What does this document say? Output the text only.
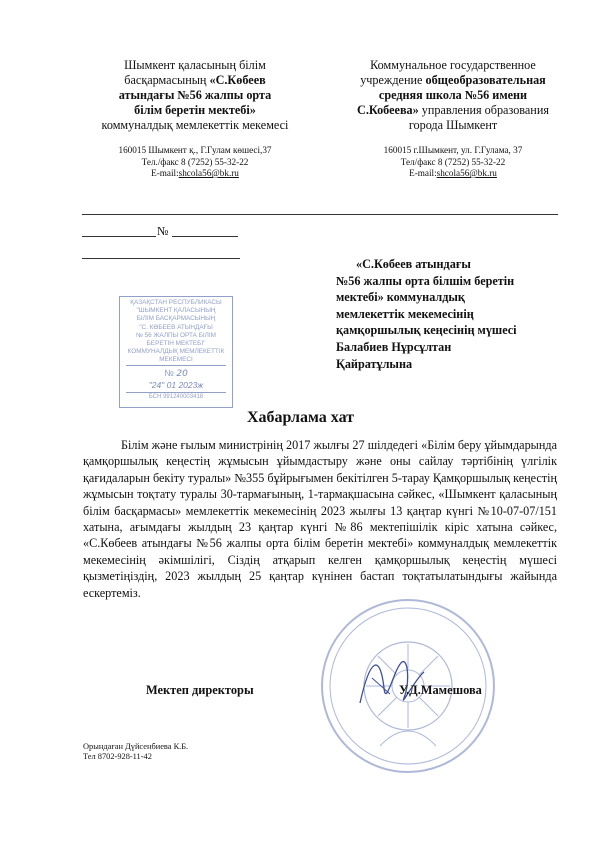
Шымкент қаласының білім
басқармасының «С.Көбеев
атындағы №56 жалпы орта
білім беретін мектебі»
коммуналдық мемлекеттік мекемесі
160015 Шымкент қ., Г.Гулам көшесі,37
Тел./факс 8 (7252) 55-32-22
E-mail:shcola56@bk.ru
Коммунальное государственное
учреждение общеобразовательная
средняя школа №56 имени
С.Кобеева» управления образования
города Шымкент
160015 г.Шымкент, ул. Г.Гулама, 37
Тел/факс 8 (7252) 55-32-22
E-mail:shcola56@bk.ru
№
«С.Көбеев атындағы
№56 жалпы орта білшім беретін
мектебі» коммуналдық
мемлекеттік мекемесінің
қамқоршылық кеңесінің мүшесі
Балабиев Нұрсұлтан
Қайратұлына
ҚАЗАҚСТАН РЕСПУБЛИКАСЫ
"ШЫМКЕНТ ҚАЛАСЫНЫҢ
БІЛІМ БАСҚАРМАСЫНЫҢ
"С. КӨБЕЕВ АТЫНДАҒЫ
№ 56 ЖАЛПЫ ОРТА БІЛІМ
БЕРЕТІН МЕКТЕБІ"
КОММУНАЛДЫҚ МЕМЛЕКЕТТІК
МЕКЕМЕСІ
№ 20
"24" 01 2023ж
БСН 991240003418
Хабарлама хат
Білім және ғылым министрінің 2017 жылғы 27 шілдедегі «Білім беру ұйымдарында қамқоршылық кеңестің жұмысын ұйымдастыру және оны сайлау тәртібінің үлгілік қағидаларын бекіту туралы» №355 бұйрығымен бекітілген 5-тарау Қамқоршылық кеңестің жұмысын тоқтату туралы 30-тармағының, 1-тармақшасына сәйкес, «Шымкент қаласының білім басқармасы» мемлекеттік мекемесінің 2023 жылғы 13 қаңтар күнгі №10-07-07/151 хатына, ағымдағы жылдың 23 қаңтар күнгі №86 мектепішілік кіріс хатына сәйкес, «С.Көбеев атындағы №56 жалпы орта білім беретін мектебі» коммуналдық мемлекеттік мекемесінің әкімшілігі, Сіздің атқарып келген қамқоршылық кеңестің мүшесі қызметіңіздің, 2023 жылдың 25 қаңтар күнінен бастап тоқтатылатындығы жайында ескертеміз.
Мектеп директоры	У.Д.Мамешова
Орындаған Дүйсенбиева К.Б.
Тел 8702-928-11-42
